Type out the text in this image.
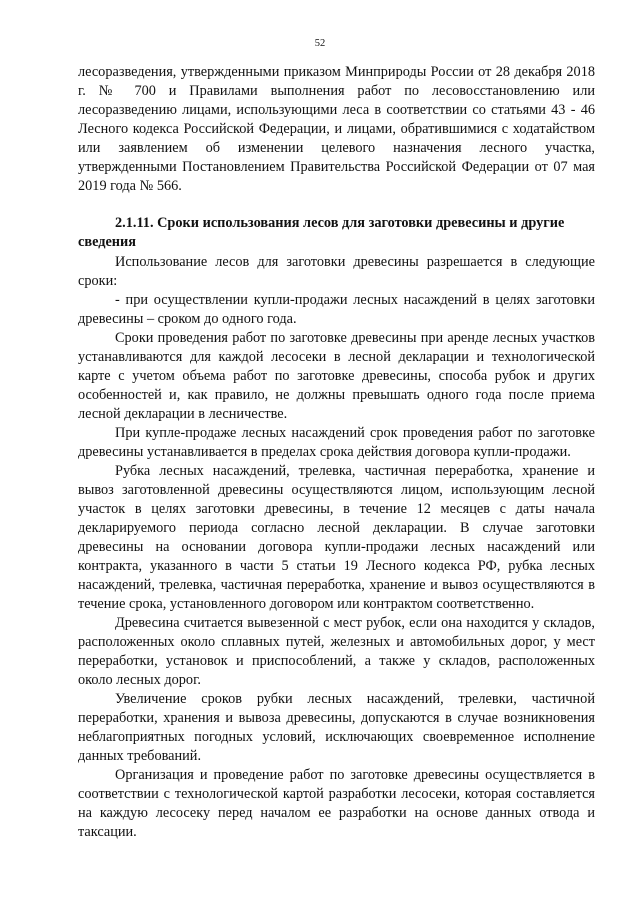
52

лесоразведения, утвержденными приказом Минприроды России от 28 декабря 2018 г. № 700 и Правилами выполнения работ по лесовосстановлению или лесоразведению лицами, использующими леса в соответствии со статьями 43 - 46 Лесного кодекса Российской Федерации, и лицами, обратившимися с ходатайством или заявлением об изменении целевого назначения лесного участка, утвержденными Постановлением Правительства Российской Федерации от 07 мая 2019 года № 566.

2.1.11. Сроки использования лесов для заготовки древесины и другие сведения

Использование лесов для заготовки древесины разрешается в следующие сроки:

- при осуществлении купли-продажи лесных насаждений в целях заготовки древесины – сроком до одного года.

Сроки проведения работ по заготовке древесины при аренде лесных участков устанавливаются для каждой лесосеки в лесной декларации и технологической карте с учетом объема работ по заготовке древесины, способа рубок и других особенностей и, как правило, не должны превышать одного года после приема лесной декларации в лесничестве.

При купле-продаже лесных насаждений срок проведения работ по заготовке древесины устанавливается в пределах срока действия договора купли-продажи.

Рубка лесных насаждений, трелевка, частичная переработка, хранение и вывоз заготовленной древесины осуществляются лицом, использующим лесной участок в целях заготовки древесины, в течение 12 месяцев с даты начала декларируемого периода согласно лесной декларации. В случае заготовки древесины на основании договора купли-продажи лесных насаждений или контракта, указанного в части 5 статьи 19 Лесного кодекса РФ, рубка лесных насаждений, трелевка, частичная переработка, хранение и вывоз осуществляются в течение срока, установленного договором или контрактом соответственно.

Древесина считается вывезенной с мест рубок, если она находится у складов, расположенных около сплавных путей, железных и автомобильных дорог, у мест переработки, установок и приспособлений, а также у складов, расположенных около лесных дорог.

Увеличение сроков рубки лесных насаждений, трелевки, частичной переработки, хранения и вывоза древесины, допускаются в случае возникновения неблагоприятных погодных условий, исключающих своевременное исполнение данных требований.

Организация и проведение работ по заготовке древесины осуществляется в соответствии с технологической картой разработки лесосеки, которая составляется на каждую лесосеку перед началом ее разработки на основе данных отвода и таксации.
